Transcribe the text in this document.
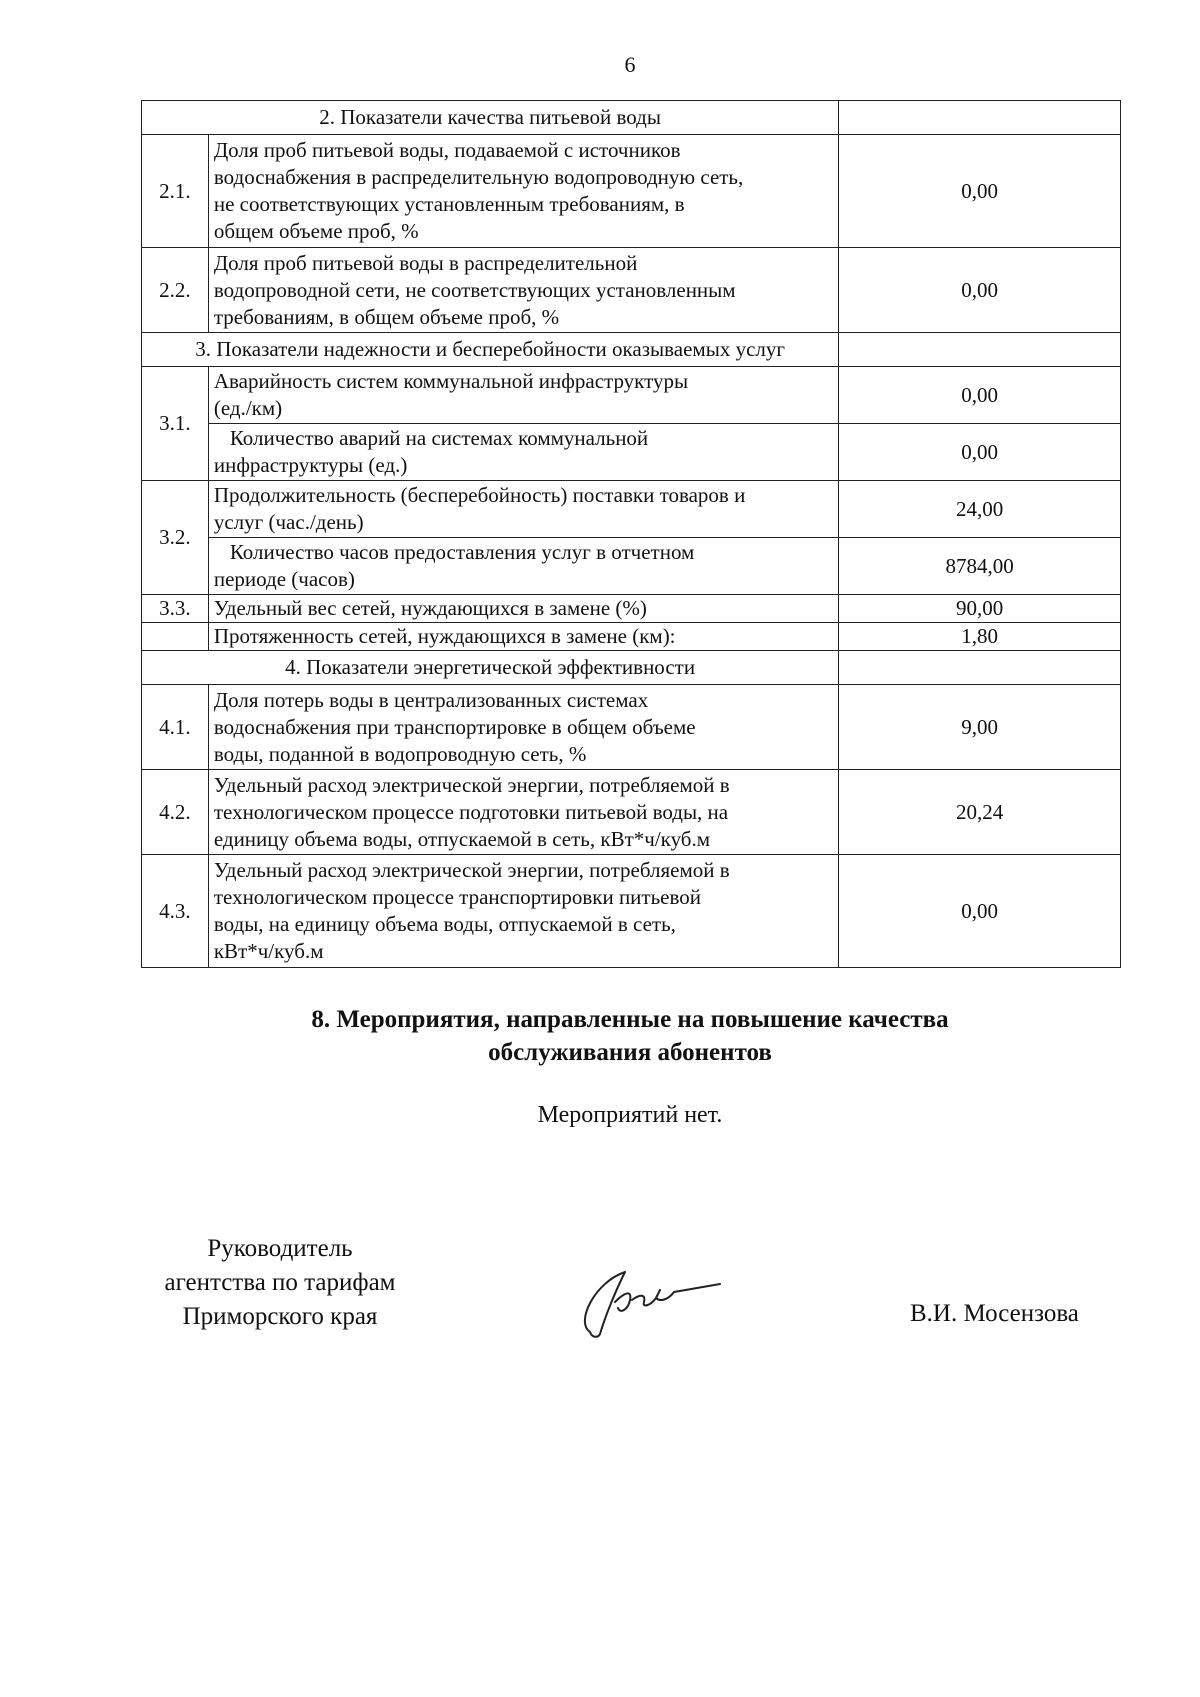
6
2. Показатели качества питьевой воды		
2.1.	Доля проб питьевой воды, подаваемой с источников
водоснабжения в распределительную водопроводную сеть,
не соответствующих установленным требованиям, в
общем объеме проб, %	0,00
2.2.	Доля проб питьевой воды в распределительной
водопроводной сети, не соответствующих установленным
требованиям, в общем объеме проб, %	0,00
3. Показатели надежности и бесперебойности оказываемых услуг		
3.1.	Аварийность систем коммунальной инфраструктуры
(ед./км)	0,00

	Количество аварий на системах коммунальной
инфраструктуры (ед.)	0,00
3.2.	Продолжительность (бесперебойность) поставки товаров и
услуг (час./день)	24,00

	Количество часов предоставления услуг в отчетном
периоде (часов)	8784,00
3.3.	Удельный вес сетей, нуждающихся в замене (%)	90,00
	Протяженность сетей, нуждающихся в замене (км):	1,80
4. Показатели энергетической эффективности		
4.1.	Доля потерь воды в централизованных системах
водоснабжения при транспортировке в общем объеме
воды, поданной в водопроводную сеть, %	9,00
4.2.	Удельный расход электрической энергии, потребляемой в
технологическом процессе подготовки питьевой воды, на
единицу объема воды, отпускаемой в сеть, кВт*ч/куб.м	20,24
4.3.	Удельный расход электрической энергии, потребляемой в
технологическом процессе транспортировки питьевой
воды, на единицу объема воды, отпускаемой в сеть,
кВт*ч/куб.м	0,00
8. Мероприятия, направленные на повышение качества
обслуживания абонентов
Мероприятий нет.
Руководитель
агентства по тарифам
Приморского края	В.И. Мосензова
